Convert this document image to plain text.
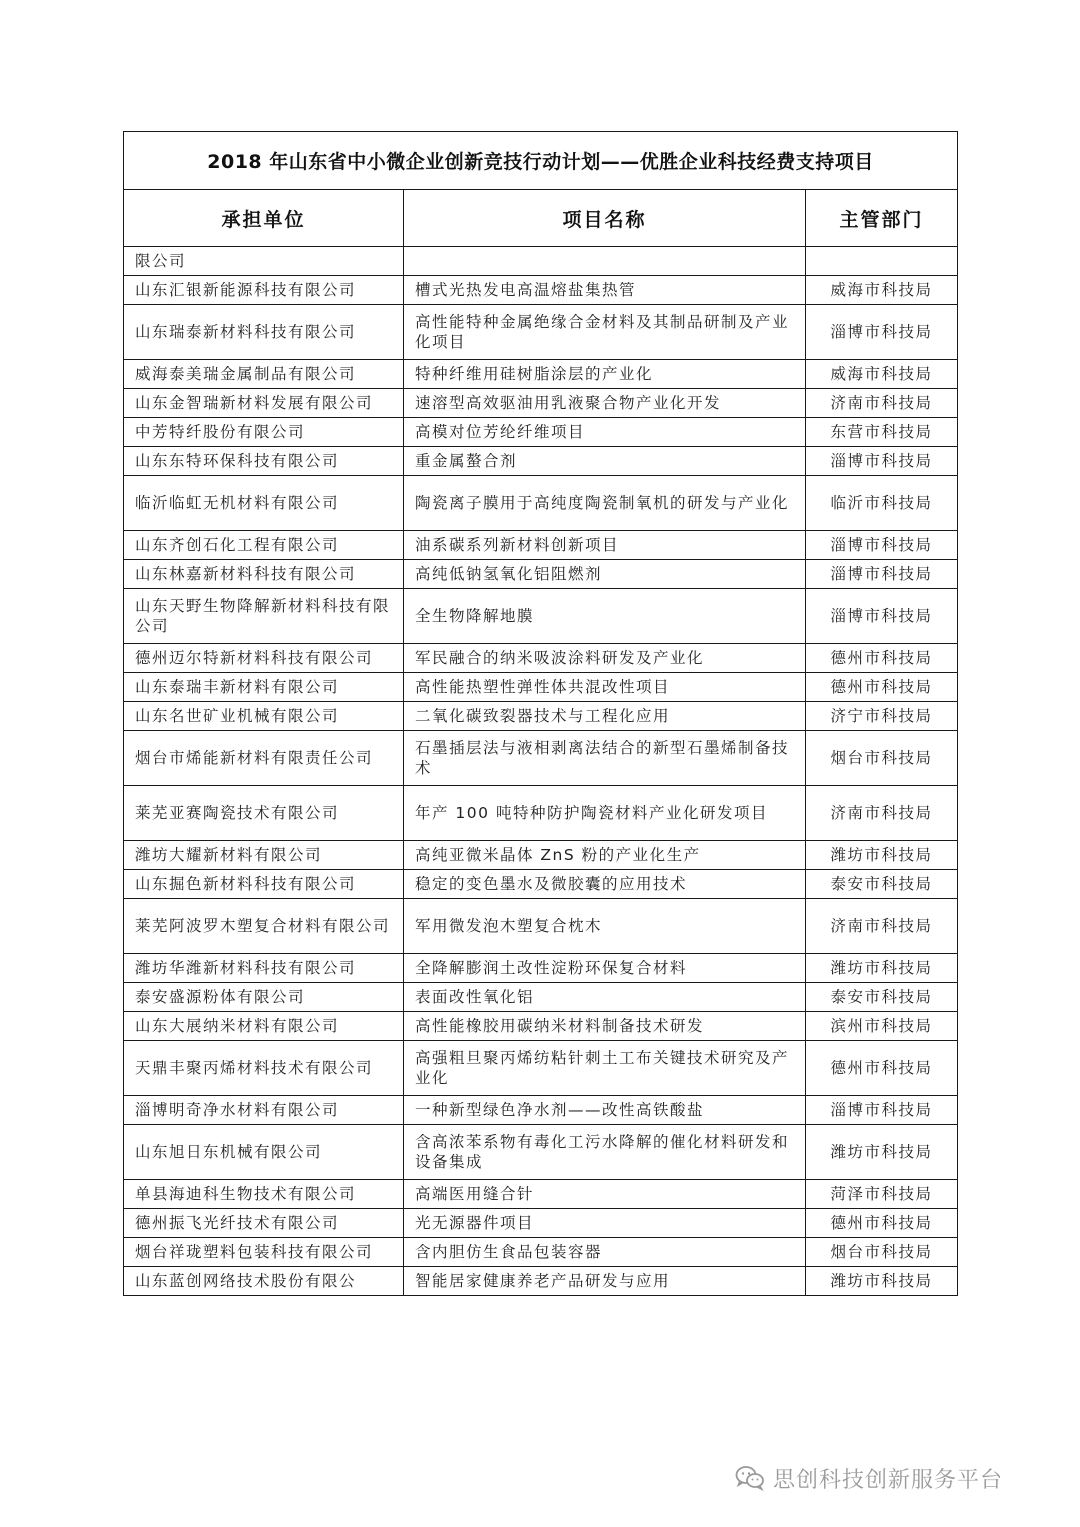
2018 年山东省中小微企业创新竞技行动计划——优胜企业科技经费支持项目		
承担单位	项目名称	主管部门
限公司		
山东汇银新能源科技有限公司	槽式光热发电高温熔盐集热管	威海市科技局
山东瑞泰新材料科技有限公司	高性能特种金属绝缘合金材料及其制品研制及产业化项目	淄博市科技局
威海泰美瑞金属制品有限公司	特种纤维用硅树脂涂层的产业化	威海市科技局
山东金智瑞新材料发展有限公司	速溶型高效驱油用乳液聚合物产业化开发	济南市科技局
中芳特纤股份有限公司	高模对位芳纶纤维项目	东营市科技局
山东东特环保科技有限公司	重金属螯合剂	淄博市科技局
临沂临虹无机材料有限公司	陶瓷离子膜用于高纯度陶瓷制氧机的研发与产业化	临沂市科技局
山东齐创石化工程有限公司	油系碳系列新材料创新项目	淄博市科技局
山东林嘉新材料科技有限公司	高纯低钠氢氧化铝阻燃剂	淄博市科技局
山东天野生物降解新材料科技有限公司	全生物降解地膜	淄博市科技局
德州迈尔特新材料科技有限公司	军民融合的纳米吸波涂料研发及产业化	德州市科技局
山东泰瑞丰新材料有限公司	高性能热塑性弹性体共混改性项目	德州市科技局
山东名世矿业机械有限公司	二氧化碳致裂器技术与工程化应用	济宁市科技局
烟台市烯能新材料有限责任公司	石墨插层法与液相剥离法结合的新型石墨烯制备技术	烟台市科技局
莱芜亚赛陶瓷技术有限公司	年产 100 吨特种防护陶瓷材料产业化研发项目	济南市科技局
潍坊大耀新材料有限公司	高纯亚微米晶体 ZnS 粉的产业化生产	潍坊市科技局
山东掘色新材料科技有限公司	稳定的变色墨水及微胶囊的应用技术	泰安市科技局
莱芜阿波罗木塑复合材料有限公司	军用微发泡木塑复合枕木	济南市科技局
潍坊华潍新材料科技有限公司	全降解膨润土改性淀粉环保复合材料	潍坊市科技局
泰安盛源粉体有限公司	表面改性氧化铝	泰安市科技局
山东大展纳米材料有限公司	高性能橡胶用碳纳米材料制备技术研发	滨州市科技局
天鼎丰聚丙烯材料技术有限公司	高强粗旦聚丙烯纺粘针刺土工布关键技术研究及产业化	德州市科技局
淄博明奇净水材料有限公司	一种新型绿色净水剂——改性高铁酸盐	淄博市科技局
山东旭日东机械有限公司	含高浓苯系物有毒化工污水降解的催化材料研发和设备集成	潍坊市科技局
单县海迪科生物技术有限公司	高端医用缝合针	菏泽市科技局
德州振飞光纤技术有限公司	光无源器件项目	德州市科技局
烟台祥珑塑料包装科技有限公司	含内胆仿生食品包装容器	烟台市科技局
山东蓝创网络技术股份有限公	智能居家健康养老产品研发与应用	潍坊市科技局
思创科技创新服务平台
